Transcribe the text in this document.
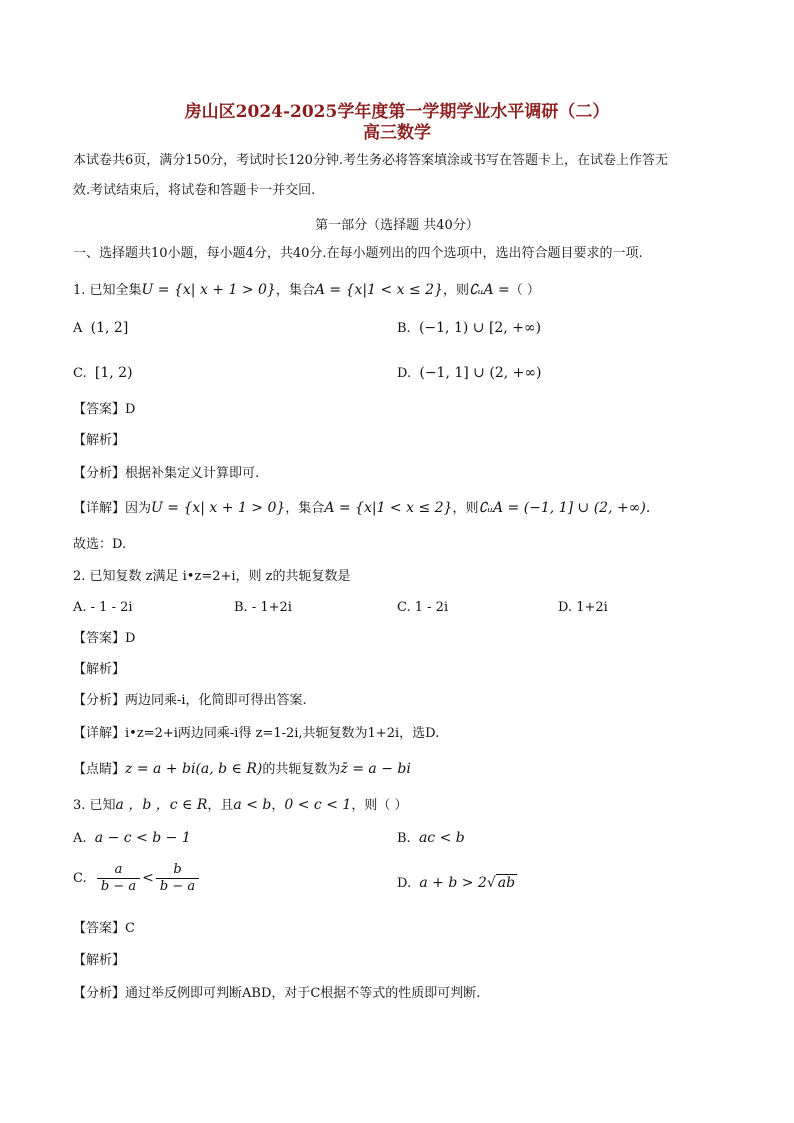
房山区2024-2025学年度第一学期学业水平调研（二）
高三数学
本试卷共6页，满分150分，考试时长120分钟.考生务必将答案填涂或书写在答题卡上，在试卷上作答无
效.考试结束后，将试卷和答题卡一并交回.
第一部分（选择题 共40分）
一、选择题共10小题，每小题4分，共40分.在每小题列出的四个选项中，选出符合题目要求的一项.
1. 已知全集U = {x| x + 1 > 0}，集合A = {x|1 < x ≤ 2}，则∁ᵤA =（ ）
A (1, 2]	B. (−1, 1) ∪ [2, +∞)
C. [1, 2)	D. (−1, 1] ∪ (2, +∞)
【答案】D
【解析】
【分析】根据补集定义计算即可.
【详解】因为U = {x| x + 1 > 0}，集合A = {x|1 < x ≤ 2}，则∁ᵤA = (−1, 1] ∪ (2, +∞).
故选：D.
2. 已知复数 z满足 i•z=2+i，则 z的共轭复数是
A. - 1 - 2i	B. - 1+2i	C. 1 - 2i	D. 1+2i
【答案】D
【解析】
【分析】两边同乘-i，化简即可得出答案.
【详解】i•z=2+i两边同乘-i得 z=1-2i,共轭复数为1+2i，选D.
【点睛】z = a + bi(a, b ∈ R)的共轭复数为z̄ = a − bi
3. 已知a ，b ，c ∈ R，且a < b，0 < c < 1，则（ ）
A. a − c < b − 1	B. ac < b
C. $\frac{a}{b - a} < \frac{b}{b - a}$	D. a + b > 2√ ab
【答案】C
【解析】
【分析】通过举反例即可判断ABD，对于C根据不等式的性质即可判断.
